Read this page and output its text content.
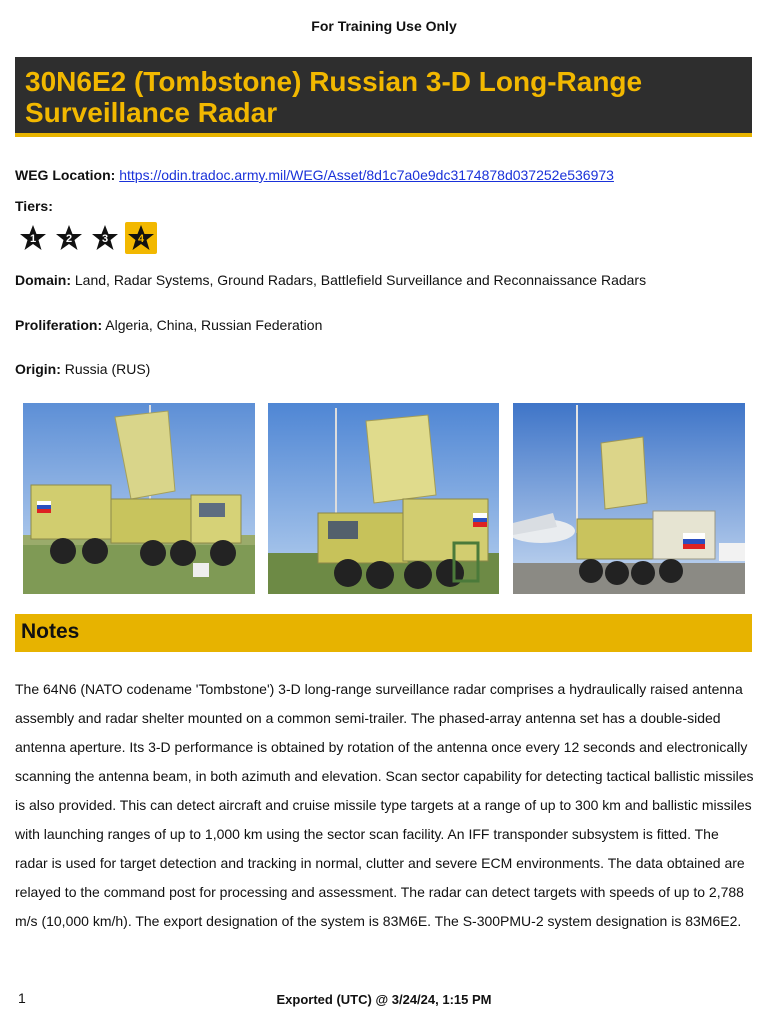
For Training Use Only
30N6E2 (Tombstone) Russian 3-D Long-Range Surveillance Radar
WEG Location: https://odin.tradoc.army.mil/WEG/Asset/8d1c7a0e9dc3174878d037252e536973
Tiers:
1	2	3	4
Domain: Land, Radar Systems, Ground Radars, Battlefield Surveillance and Reconnaissance Radars
Proliferation: Algeria, China, Russian Federation
Origin: Russia (RUS)
Notes
The 64N6 (NATO codename 'Tombstone') 3-D long-range surveillance radar comprises a hydraulically raised antenna assembly and radar shelter mounted on a common semi-trailer. The phased-array antenna set has a double-sided antenna aperture. Its 3-D performance is obtained by rotation of the antenna once every 12 seconds and electronically scanning the antenna beam, in both azimuth and elevation. Scan sector capability for detecting tactical ballistic missiles is also provided. This can detect aircraft and cruise missile type targets at a range of up to 300 km and ballistic missiles with launching ranges of up to 1,000 km using the sector scan facility. An IFF transponder subsystem is fitted. The radar is used for target detection and tracking in normal, clutter and severe ECM environments. The data obtained are relayed to the command post for processing and assessment. The radar can detect targets with speeds of up to 2,788 m/s (10,000 km/h). The export designation of the system is 83M6E. The S-300PMU-2 system designation is 83M6E2.
1	Exported (UTC) @ 3/24/24, 1:15 PM
